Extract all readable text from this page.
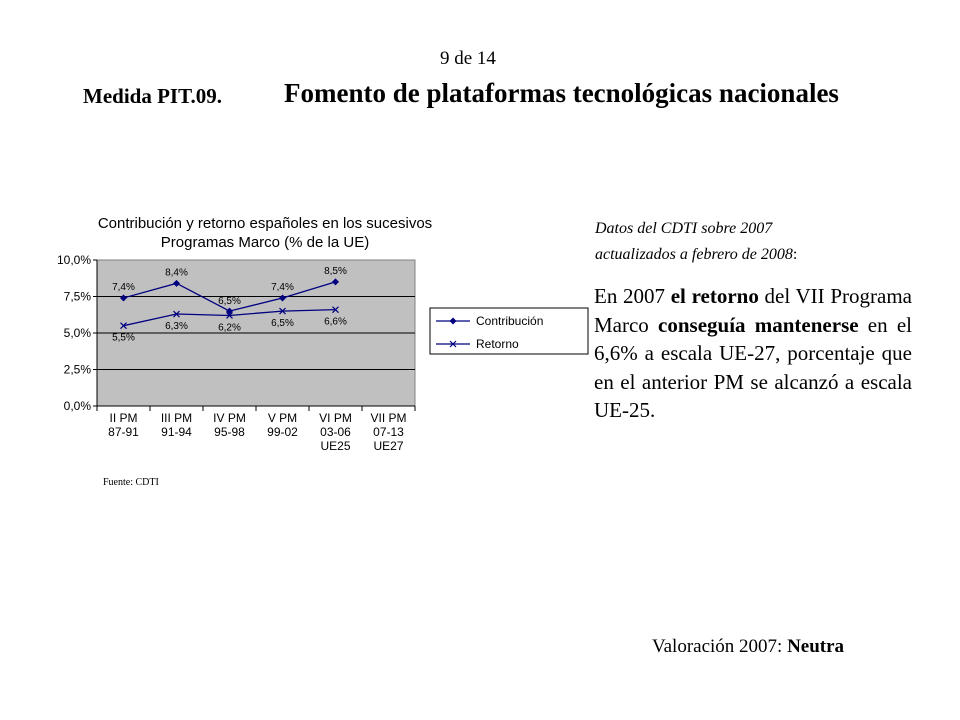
9 de 14
Medida PIT.09. Fomento de plataformas tecnológicas nacionales
Contribución y retorno españoles en los sucesivos Programas Marco (% de la UE)
0,0%
2,5%
5,0%
7,5%
10,0%
II PM 87-91
III PM 91-94
IV PM 95-98
V PM 99-02
VI PM 03-06 UE25
VII PM 07-13 UE27
7,4%
8,4%
6,5%
7,4%
8,5%
5,5%
6,3%	6,2%	6,5%	6,6%	Contribución
Retorno
Fuente: CDTI
Datos del CDTI sobre 2007
actualizados a febrero de 2008:
En 2007 el retorno del VII Programa Marco conseguía mantenerse en el 6,6% a escala UE-27, porcentaje que en el anterior PM se alcanzó a escala UE-25.
Valoración 2007: Neutra
